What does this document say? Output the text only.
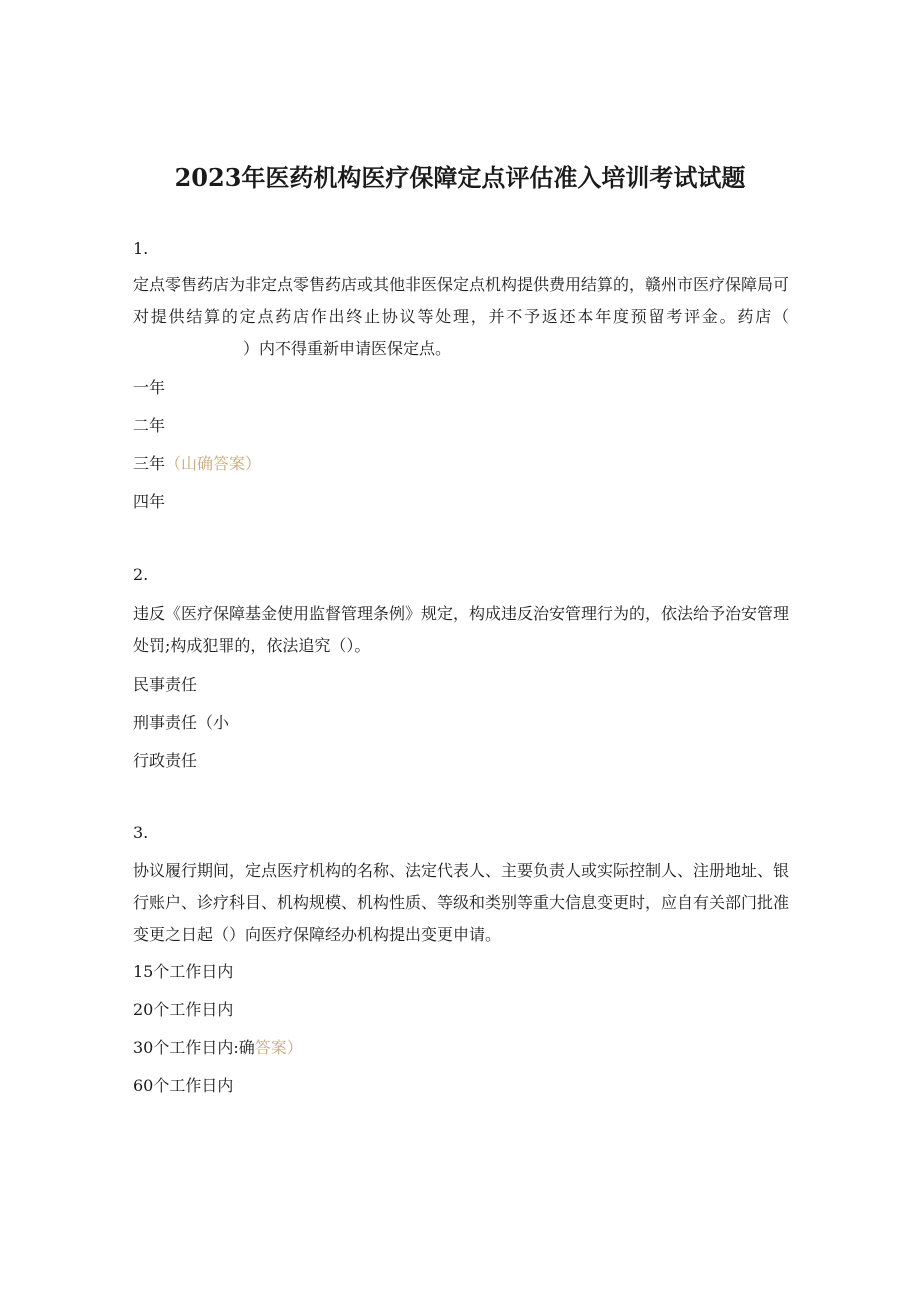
2023年医药机构医疗保障定点评估准入培训考试试题
1.
定点零售药店为非定点零售药店或其他非医保定点机构提供费用结算的，赣州市医疗保障局可对提供结算的定点药店作出终止协议等处理，并不予返还本年度预留考评金。药店（）内不得重新申请医保定点。
一年
二年
三年（山确答案）
四年
2.
违反《医疗保障基金使用监督管理条例》规定，构成违反治安管理行为的，依法给予治安管理处罚;构成犯罪的，依法追究（）。
民事责任
刑事责任（小
行政责任
3.
协议履行期间，定点医疗机构的名称、法定代表人、主要负责人或实际控制人、注册地址、银行账户、诊疗科目、机构规模、机构性质、等级和类别等重大信息变更时，应自有关部门批准变更之日起（）向医疗保障经办机构提出变更申请。
15个工作日内
20个工作日内
30个工作日内:确答案）
60个工作日内
